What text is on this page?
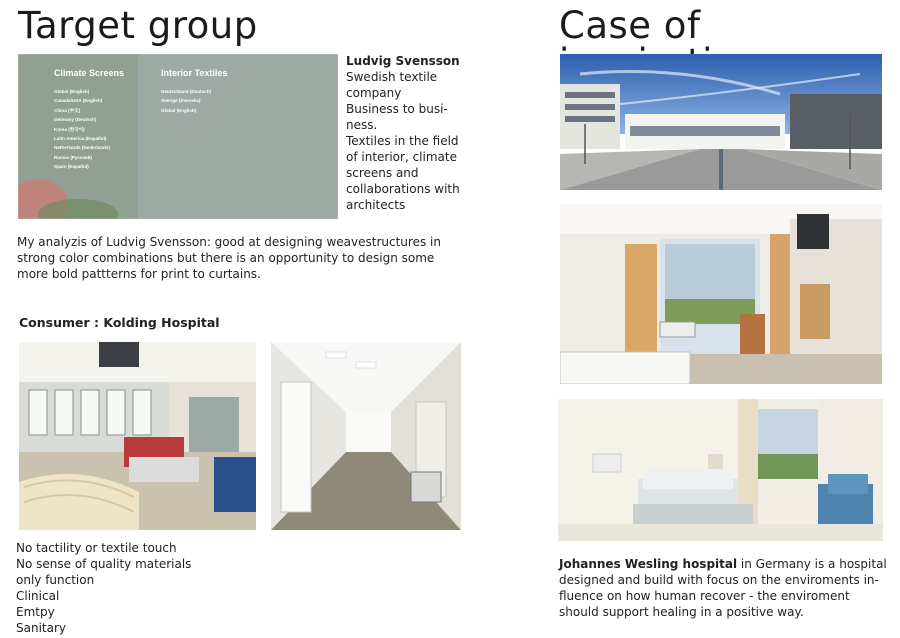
Target group
Climate Screens
Global (English)
Canada/USA (English)
China (中文)
Germany (Deutsch)
Korea (한국어)
Latin America (Español)
Netherlands (Nederlands)
Russia (Русский)
Spain (Español)
Interior Textiles
Deutschland (Deutsch)
Sverige (Svenska)
Global (English)
Ludvig Svensson
Swedish textile
company
Business to busi-
ness.
Textiles in the field
of interior, climate
screens and
collaborations with
architects

My analyzis of Ludvig Svensson: good at designing weavestructures in strong color combinations but there is an opportunity to design some more bold pattterns for print to curtains.

Consumer : Kolding Hospital
No tactility or textile touch
No sense of quality materials
only function
Clinical
Emtpy
Sanitary
Case of

Johannes Wesling hospital in Germany is a hospital designed and build with focus on the enviroments in-fluence on how human recover - the enviroment should support healing in a positive way.
